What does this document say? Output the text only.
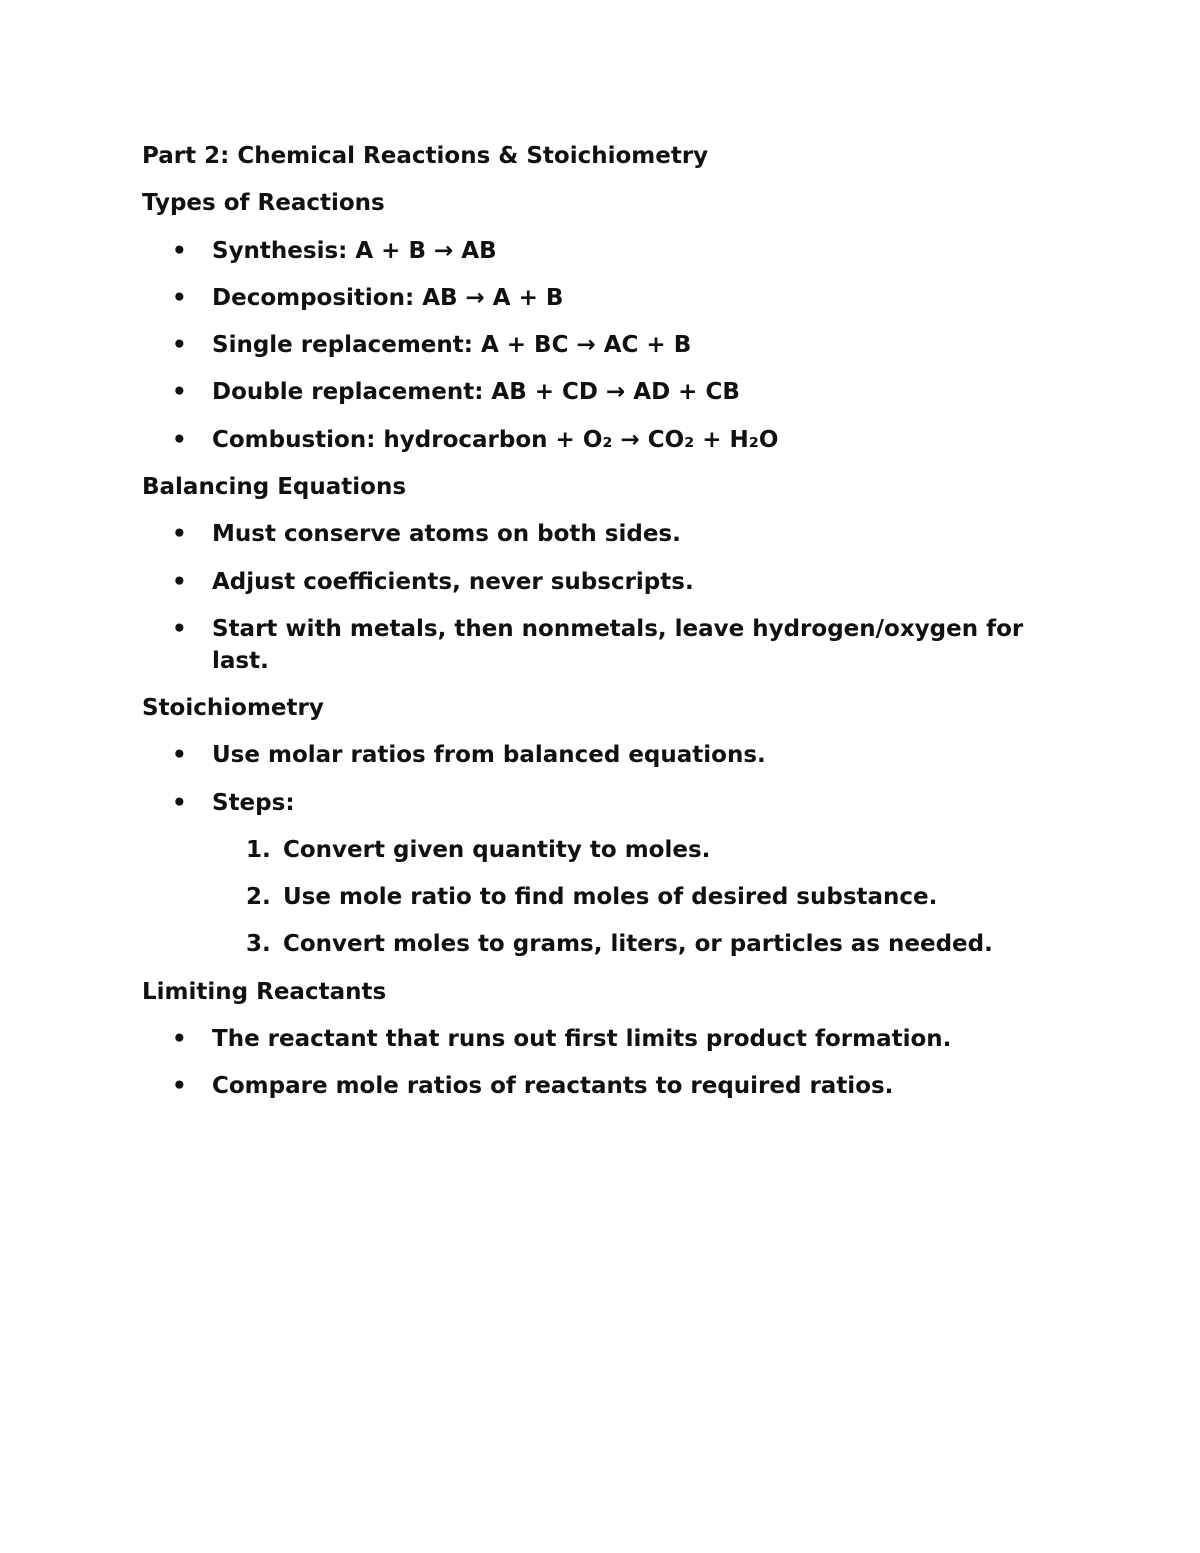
Part 2: Chemical Reactions & Stoichiometry
Types of Reactions
• Synthesis: A + B → AB
• Decomposition: AB → A + B
• Single replacement: A + BC → AC + B
• Double replacement: AB + CD → AD + CB
• Combustion: hydrocarbon + O₂ → CO₂ + H₂O
Balancing Equations
• Must conserve atoms on both sides.
• Adjust coefficients, never subscripts.
• Start with metals, then nonmetals, leave hydrogen/oxygen for last.
Stoichiometry
• Use molar ratios from balanced equations.
• Steps:
1. Convert given quantity to moles.
2. Use mole ratio to find moles of desired substance.
3. Convert moles to grams, liters, or particles as needed.
Limiting Reactants
• The reactant that runs out first limits product formation.
• Compare mole ratios of reactants to required ratios.
